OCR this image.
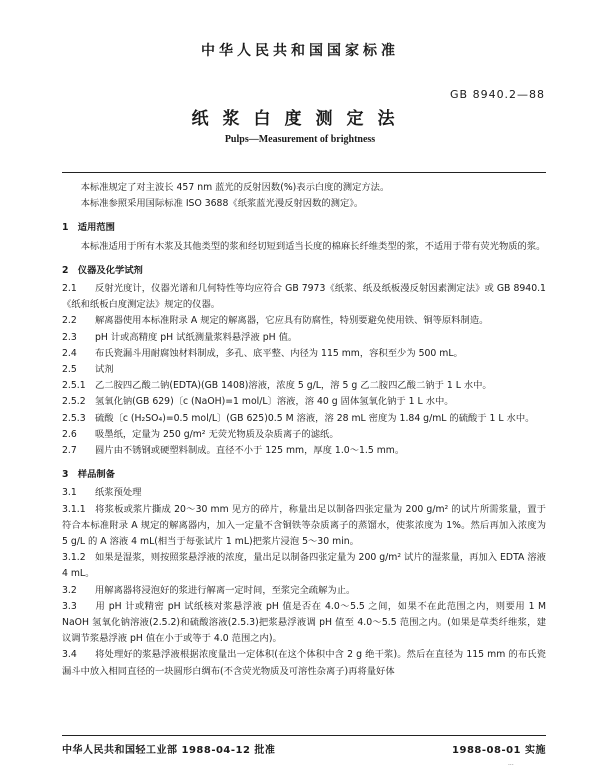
中华人民共和国国家标准
GB 8940.2—88
纸浆白度测定法
Pulps—Measurement of brightness

本标准规定了对主波长 457 nm 蓝光的反射因数(%)表示白度的测定方法。

本标准参照采用国际标准 ISO 3688《纸浆蓝光漫反射因数的测定》。

1　适用范围

本标准适用于所有木浆及其他类型的浆和经切短到适当长度的棉麻长纤维类型的浆，不适用于带有荧光物质的浆。

2　仪器及化学试剂

2.1 反射光度计，仪器光谱和几何特性等均应符合 GB 7973《纸浆、纸及纸板漫反射因素测定法》或 GB 8940.1《纸和纸板白度测定法》规定的仪器。

2.2 解离器使用本标准附录 A 规定的解离器，它应具有防腐性，特别要避免使用铁、铜等原料制造。

2.3 pH 计或高精度 pH 试纸测量浆料悬浮液 pH 值。

2.4 布氏瓷漏斗用耐腐蚀材料制成，多孔、底平整、内径为 115 mm，容积至少为 500 mL。

2.5 试剂

2.5.1 乙二胺四乙酸二钠(EDTA)(GB 1408)溶液，浓度 5 g/L，溶 5 g 乙二胺四乙酸二钠于 1 L 水中。

2.5.2 氢氧化钠(GB 629)〔c (NaOH)=1 mol/L〕溶液，溶 40 g 固体氢氧化钠于 1 L 水中。

2.5.3 硫酸〔c (H₂SO₄)=0.5 mol/L〕(GB 625)0.5 M 溶液，溶 28 mL 密度为 1.84 g/mL 的硫酸于 1 L 水中。

2.6 吸墨纸，定量为 250 g/m² 无荧光物质及杂质离子的滤纸。

2.7 圆片由不锈钢或硬塑料制成。直径不小于 125 mm，厚度 1.0～1.5 mm。

3　样品制备

3.1 纸浆预处理

3.1.1 将浆板或浆片撕成 20～30 mm 见方的碎片，称量出足以制备四张定量为 200 g/m² 的试片所需浆量，置于符合本标准附录 A 规定的解离器内，加入一定量不含铜铁等杂质离子的蒸馏水，使浆浓度为 1%。然后再加入浓度为 5 g/L 的 A 溶液 4 mL(相当于每张试片 1 mL)把浆片浸泡 5～30 min。

3.1.2 如果是湿浆，则按照浆悬浮液的浓度，量出足以制备四张定量为 200 g/m² 试片的湿浆量，再加入 EDTA 溶液 4 mL。

3.2 用解离器将浸泡好的浆进行解离一定时间，至浆完全疏解为止。

3.3 用 pH 计或精密 pH 试纸核对浆悬浮液 pH 值是否在 4.0～5.5 之间，如果不在此范围之内，则要用 1 M NaOH 氢氧化钠溶液(2.5.2)和硫酸溶液(2.5.3)把浆悬浮液调 pH 值至 4.0～5.5 范围之内。(如果是草类纤维浆，建议调节浆悬浮液 pH 值在小于或等于 4.0 范围之内)。

3.4 将处理好的浆悬浮液根据浓度量出一定体积(在这个体积中含 2 g 绝干浆)。然后在直径为 115 mm 的布氏瓷漏斗中放入相同直径的一块圆形白绸布(不含荧光物质及可溶性杂离子)再将量好体

中华人民共和国轻工业部 1988-04-12 批准	1988-08-01 实施
···
